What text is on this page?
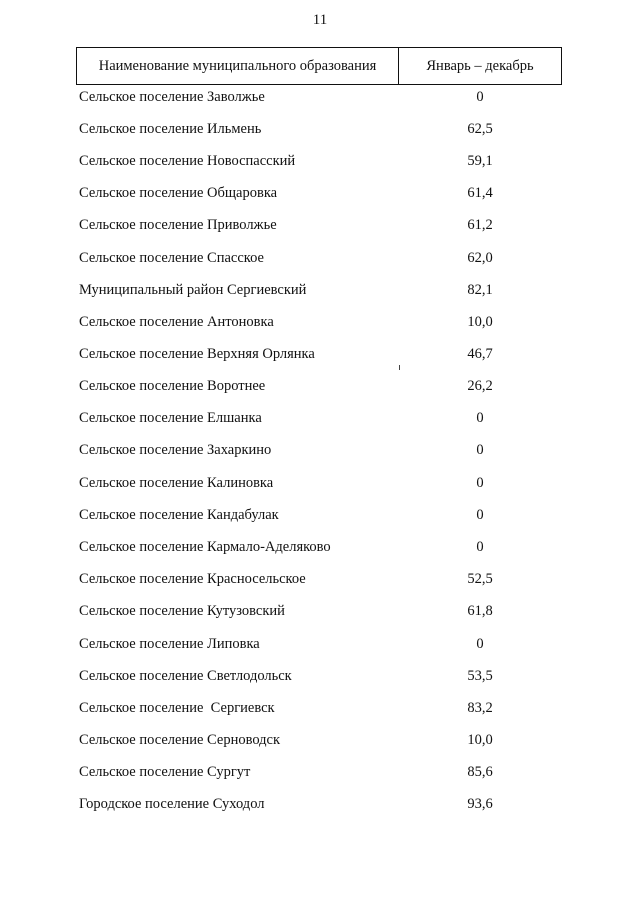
11
Наименование муниципального образования	Январь – декабрь
Сельское поселение Заволжье	0
Сельское поселение Ильмень	62,5
Сельское поселение Новоспасский	59,1
Сельское поселение Общаровка	61,4
Сельское поселение Приволжье	61,2
Сельское поселение Спасское	62,0
Муниципальный район Сергиевский	82,1
Сельское поселение Антоновка	10,0
Сельское поселение Верхняя Орлянка	46,7
Сельское поселение Воротнее	26,2
Сельское поселение Елшанка	0
Сельское поселение Захаркино	0
Сельское поселение Калиновка	0
Сельское поселение Кандабулак	0
Сельское поселение Кармало-Аделяково	0
Сельское поселение Красносельское	52,5
Сельское поселение Кутузовский	61,8
Сельское поселение Липовка	0
Сельское поселение Светлодольск	53,5
Сельское поселение  Сергиевск	83,2
Сельское поселение Серноводск	10,0
Сельское поселение Сургут	85,6
Городское поселение Суходол	93,6
